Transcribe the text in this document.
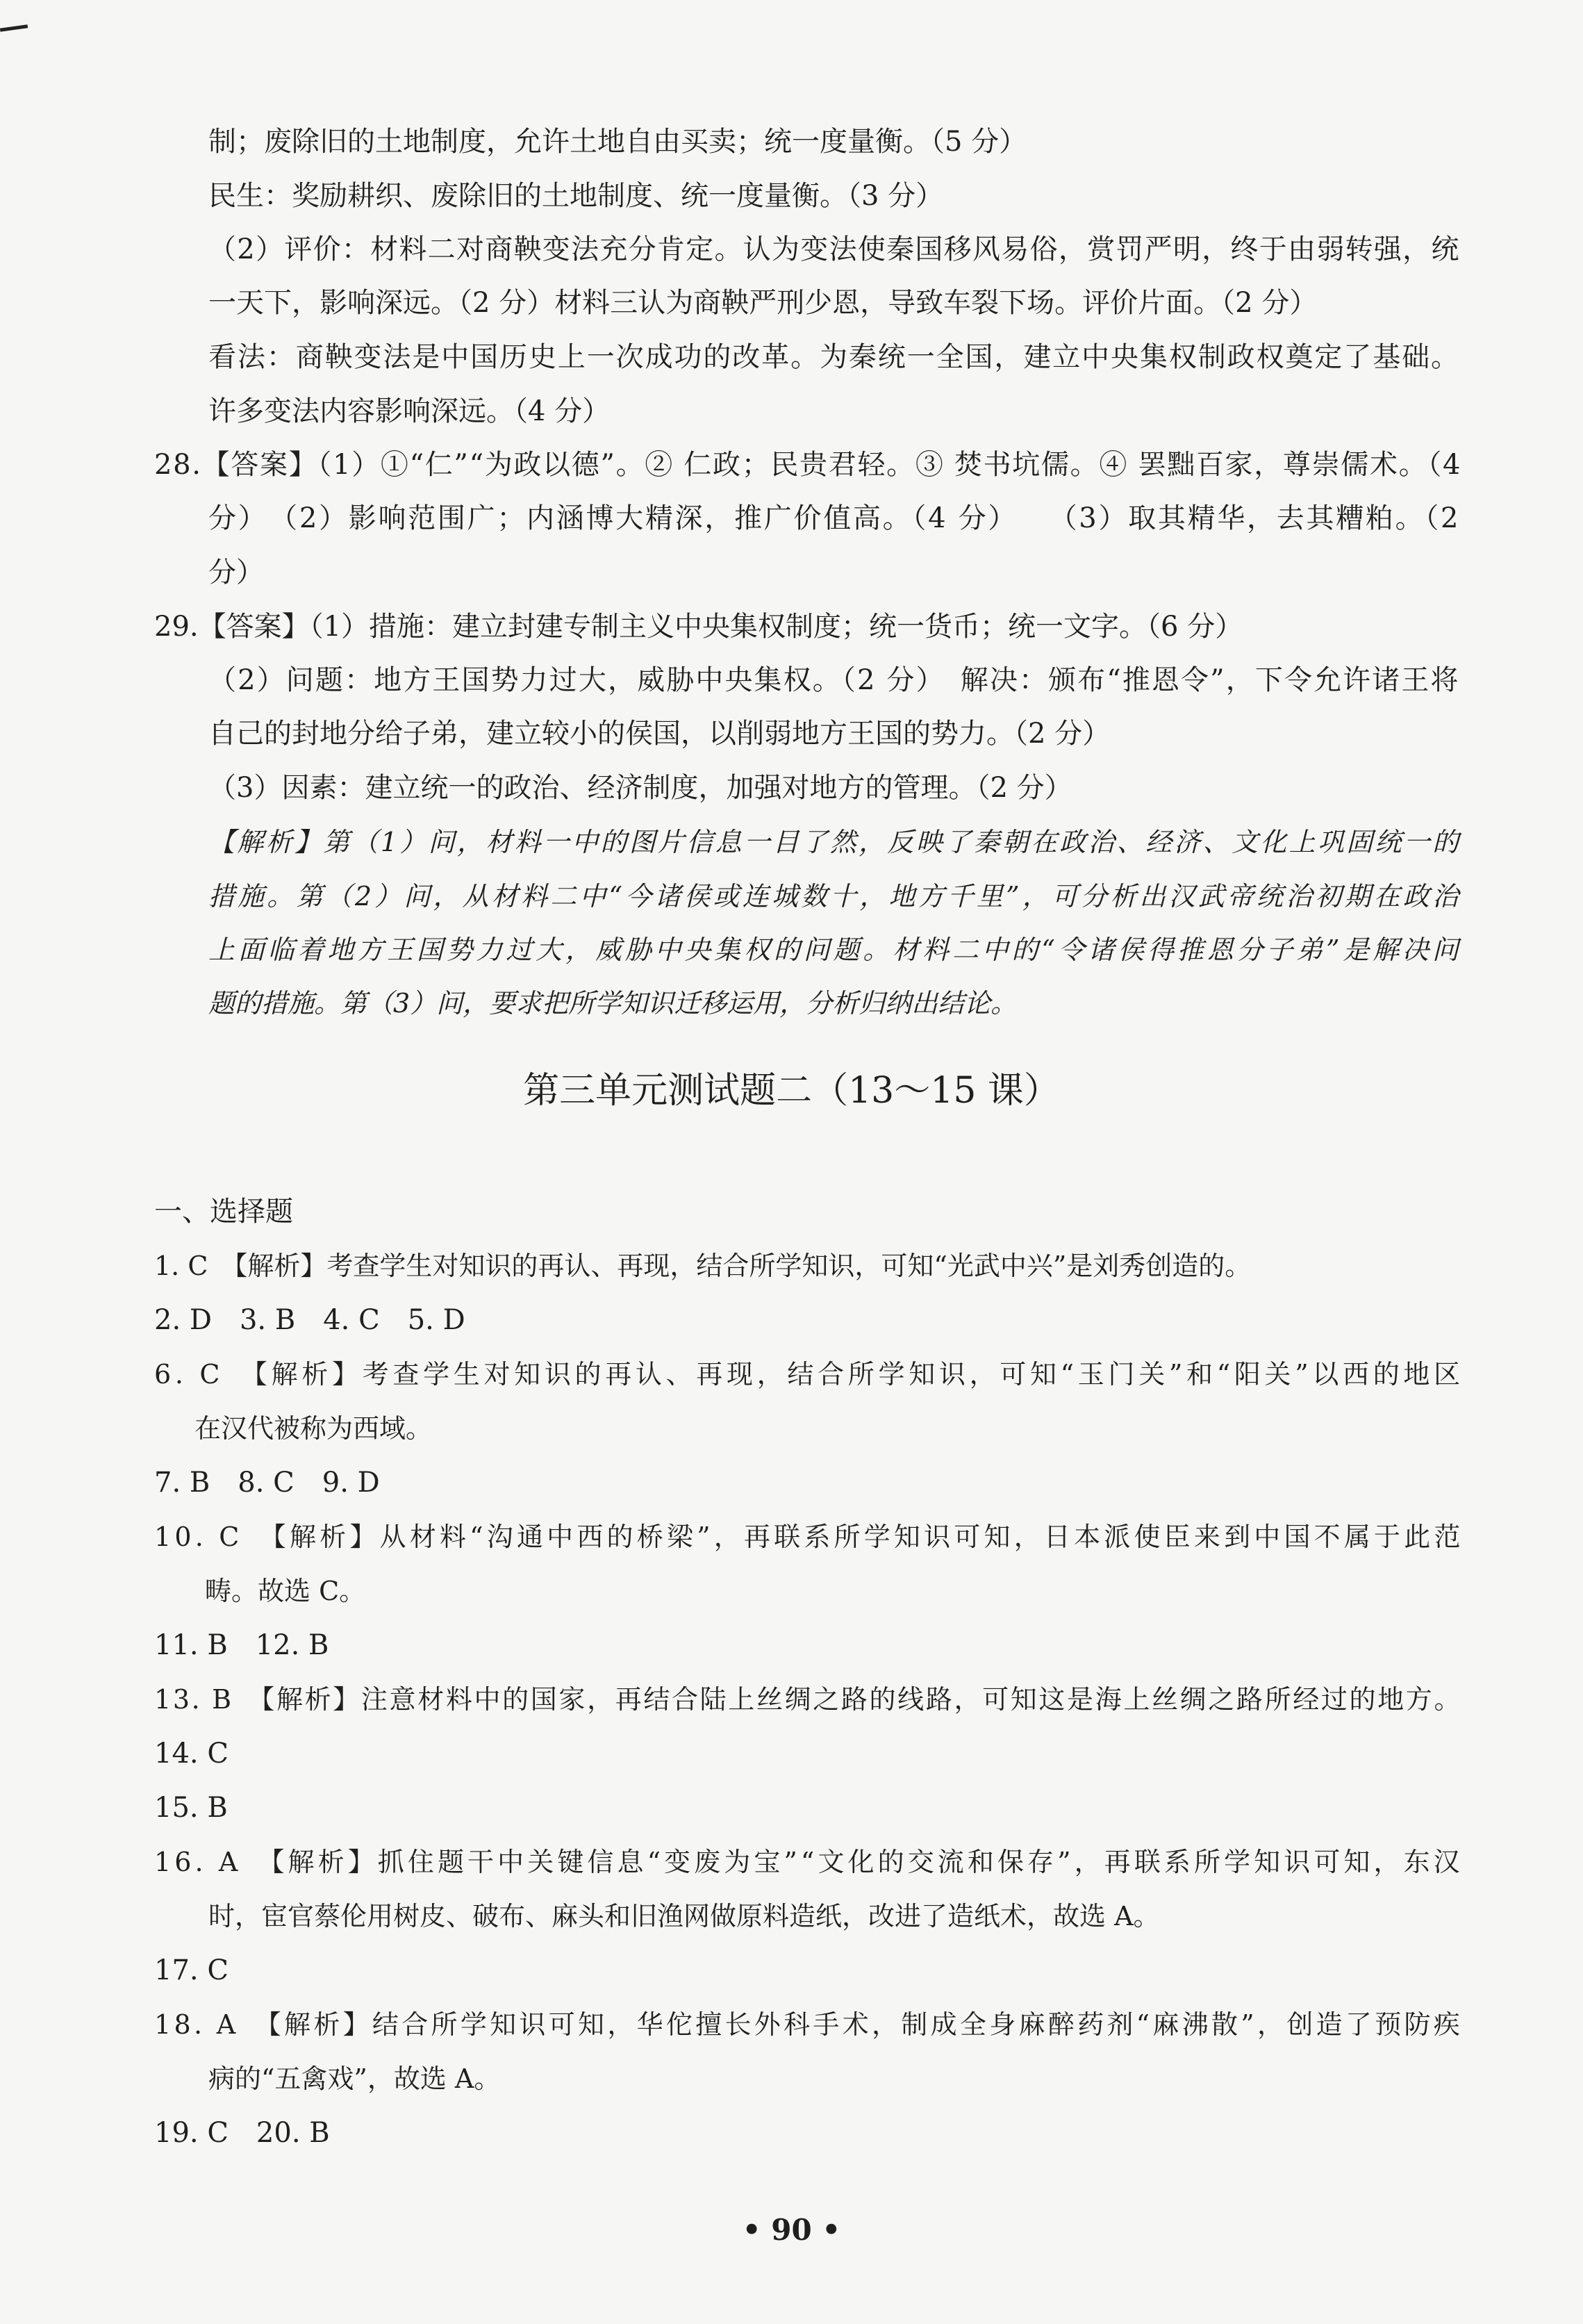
制；废除旧的土地制度，允许土地自由买卖；统一度量衡。（5 分）
民生：奖励耕织、废除旧的土地制度、统一度量衡。（3 分）
（2）评价：材料二对商鞅变法充分肯定。认为变法使秦国移风易俗，赏罚严明，终于由弱转强，统
一天下，影响深远。（2 分）材料三认为商鞅严刑少恩，导致车裂下场。评价片面。（2 分）
看法：商鞅变法是中国历史上一次成功的改革。为秦统一全国，建立中央集权制政权奠定了基础。
许多变法内容影响深远。（4 分）
28.【答案】（1）①“仁”“为政以德”。② 仁政；民贵君轻。③ 焚书坑儒。④ 罢黜百家，尊崇儒术。（4
分）　（2）影响范围广；内涵博大精深，推广价值高。（4 分）　　（3）取其精华，去其糟粕。（2
分）
29.【答案】（1）措施：建立封建专制主义中央集权制度；统一货币；统一文字。（6 分）
（2）问题：地方王国势力过大，威胁中央集权。（2 分）　解决：颁布“推恩令”，下令允许诸王将
自己的封地分给子弟，建立较小的侯国，以削弱地方王国的势力。（2 分）
（3）因素：建立统一的政治、经济制度，加强对地方的管理。（2 分）
【解析】第（1）问，材料一中的图片信息一目了然，反映了秦朝在政治、经济、文化上巩固统一的
措施。第（2）问，从材料二中“今诸侯或连城数十，地方千里”，可分析出汉武帝统治初期在政治
上面临着地方王国势力过大，威胁中央集权的问题。材料二中的“令诸侯得推恩分子弟”是解决问
题的措施。第（3）问，要求把所学知识迁移运用，分析归纳出结论。
一、选择题
1. C　【解析】考查学生对知识的再认、再现，结合所学知识，可知“光武中兴”是刘秀创造的。
2. D　3. B　4. C　5. D
6. C　【解析】考查学生对知识的再认、再现，结合所学知识，可知“玉门关”和“阳关”以西的地区
在汉代被称为西域。
7. B　8. C　9. D
10. C　【解析】从材料“沟通中西的桥梁”，再联系所学知识可知，日本派使臣来到中国不属于此范
畴。故选 C。
11. B　12. B
13. B　【解析】注意材料中的国家，再结合陆上丝绸之路的线路，可知这是海上丝绸之路所经过的地方。
14. C
15. B
16. A　【解析】抓住题干中关键信息“变废为宝”“文化的交流和保存”，再联系所学知识可知，东汉
时，宦官蔡伦用树皮、破布、麻头和旧渔网做原料造纸，改进了造纸术，故选 A。
17. C
18. A　【解析】结合所学知识可知，华佗擅长外科手术，制成全身麻醉药剂“麻沸散”，创造了预防疾
病的“五禽戏”，故选 A。
19. C　20. B
第三单元测试题二（13～15 课）
• 90 •
